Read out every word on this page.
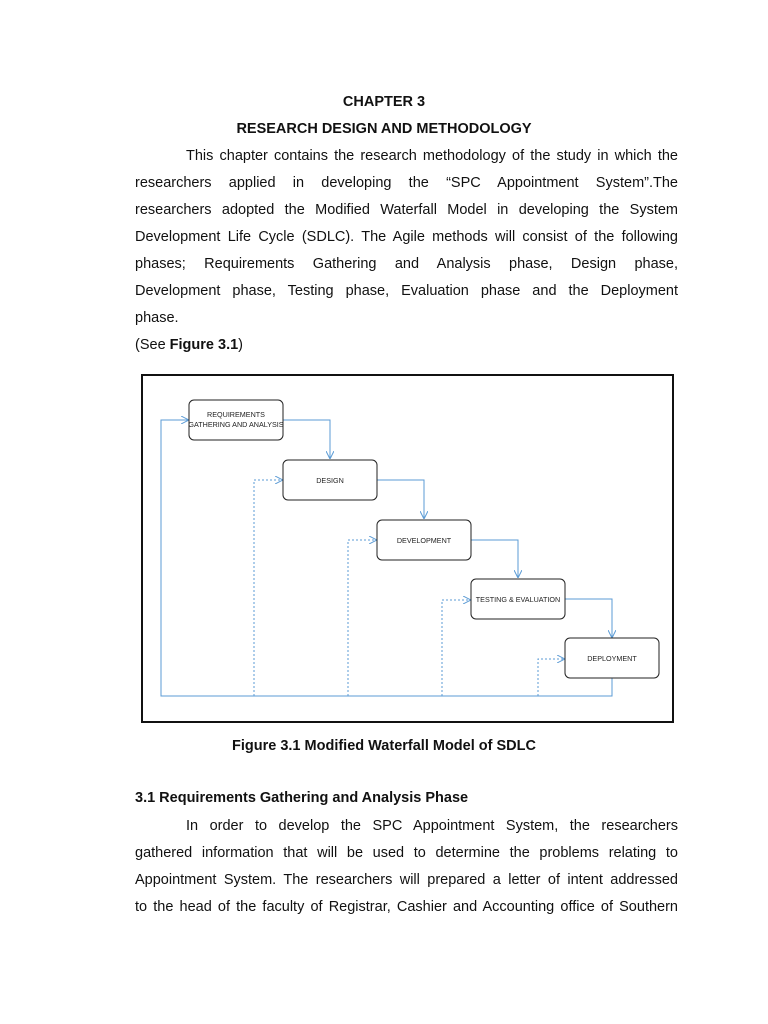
CHAPTER 3
RESEARCH DESIGN AND METHODOLOGY
This chapter contains the research methodology of the study in which the
researchers applied in developing the “SPC Appointment System”.The
researchers adopted the Modified Waterfall Model in developing the System
Development Life Cycle (SDLC). The Agile methods will consist of the following
phases; Requirements Gathering and Analysis phase, Design phase,
Development phase, Testing phase, Evaluation phase and the Deployment
phase.
(See Figure 3.1)
REQUIREMENTS
GATHERING AND ANALYSIS
DESIGN
DEVELOPMENT
TESTING & EVALUATION
DEPLOYMENT
Figure 3.1 Modified Waterfall Model of SDLC
3.1 Requirements Gathering and Analysis Phase
In order to develop the SPC Appointment System, the researchers
gathered information that will be used to determine the problems relating to
Appointment System. The researchers will prepared a letter of intent addressed
to the head of the faculty of Registrar, Cashier and Accounting office of Southern
